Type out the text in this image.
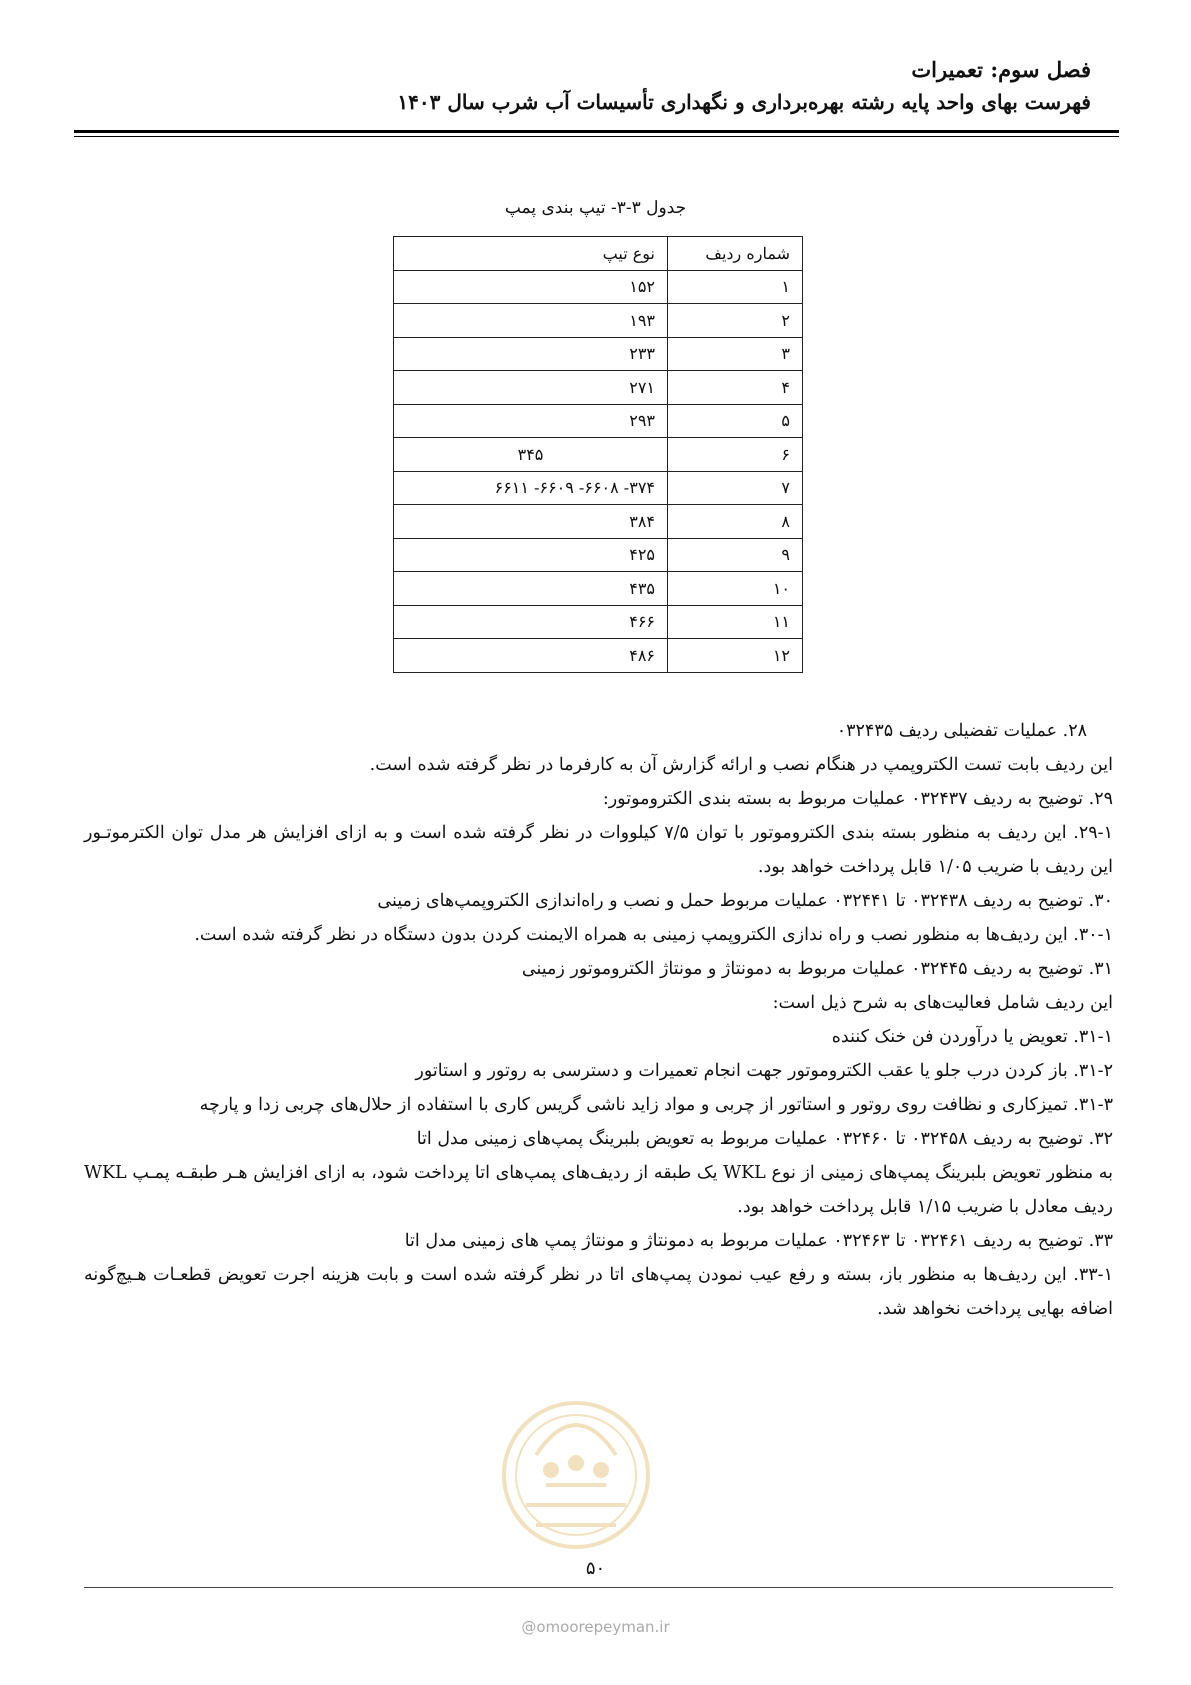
فصل سوم: تعمیرات
فهرست بهای واحد پایه رشته بهره‌برداری و نگهداری تأسیسات آب شرب سال ۱۴۰۳
جدول ۳-۳- تیپ بندی پمپ
شماره ردیف	نوع تیپ
۱	۱۵۲
۲	۱۹۳
۳	۲۳۳
۴	۲۷۱
۵	۲۹۳
۶	۳۴۵
۷	۳۷۴- ۶۶۰۸- ۶۶۰۹- ۶۶۱۱
۸	۳۸۴
۹	۴۲۵
۱۰	۴۳۵
۱۱	۴۶۶
۱۲	۴۸۶

۲۸. عملیات تفضیلی ردیف ۰۳۲۴۳۵

این ردیف بابت تست الکتروپمپ در هنگام نصب و ارائه گزارش آن به کارفرما در نظر گرفته شده است.

۲۹. توضیح به ردیف ۰۳۲۴۳۷ عملیات مربوط به بسته بندی الکتروموتور:

۲۹-۱. این ردیف به منظور بسته بندی الکتروموتور با توان ۷/۵ کیلووات در نظر گرفته شده است و به ازای افزایش هر مدل توان الکترموتـور این ردیف با ضریب ۱/۰۵ قابل پرداخت خواهد بود.

۳۰. توضیح به ردیف ۰۳۲۴۳۸ تا ۰۳۲۴۴۱ عملیات مربوط حمل و نصب و راه‌اندازی الکتروپمپ‌های زمینی

۳۰-۱. این ردیف‌ها به منظور نصب و راه ندازی الکتروپمپ زمینی به همراه الایمنت کردن بدون دستگاه در نظر گرفته شده است.

۳۱. توضیح به ردیف ۰۳۲۴۴۵ عملیات مربوط به دمونتاژ و مونتاژ الکتروموتور زمینی

این ردیف شامل فعالیت‌های به شرح ذیل است:

۳۱-۱. تعویض یا درآوردن فن خنک کننده

۳۱-۲. باز کردن درب جلو یا عقب الکتروموتور جهت انجام تعمیرات و دسترسی به روتور و استاتور

۳۱-۳. تمیزکاری و نظافت روی روتور و استاتور از چربی و مواد زاید ناشی گریس کاری با استفاده از حلال‌های چربی زدا و پارچه

۳۲. توضیح به ردیف ۰۳۲۴۵۸ تا ۰۳۲۴۶۰ عملیات مربوط به تعویض بلبرینگ پمپ‌های زمینی مدل اتا

به منظور تعویض بلبرینگ پمپ‌های زمینی از نوع WKL یک طبقه از ردیف‌های پمپ‌های اتا پرداخت شود، به ازای افزایش هـر طبقـه پمـپ WKL ردیف معادل با ضریب ۱/۱۵ قابل پرداخت خواهد بود.

۳۳. توضیح به ردیف ۰۳۲۴۶۱ تا ۰۳۲۴۶۳ عملیات مربوط به دمونتاژ و مونتاژ پمپ های زمینی مدل اتا

۳۳-۱. این ردیف‌ها به منظور باز، بسته و رفع عیب نمودن پمپ‌های اتا در نظر گرفته شده است و بابت هزینه اجرت تعویض قطعـات هـیچ‌گونه اضافه بهایی پرداخت نخواهد شد.

۵۰
@omoorepeyman.ir
